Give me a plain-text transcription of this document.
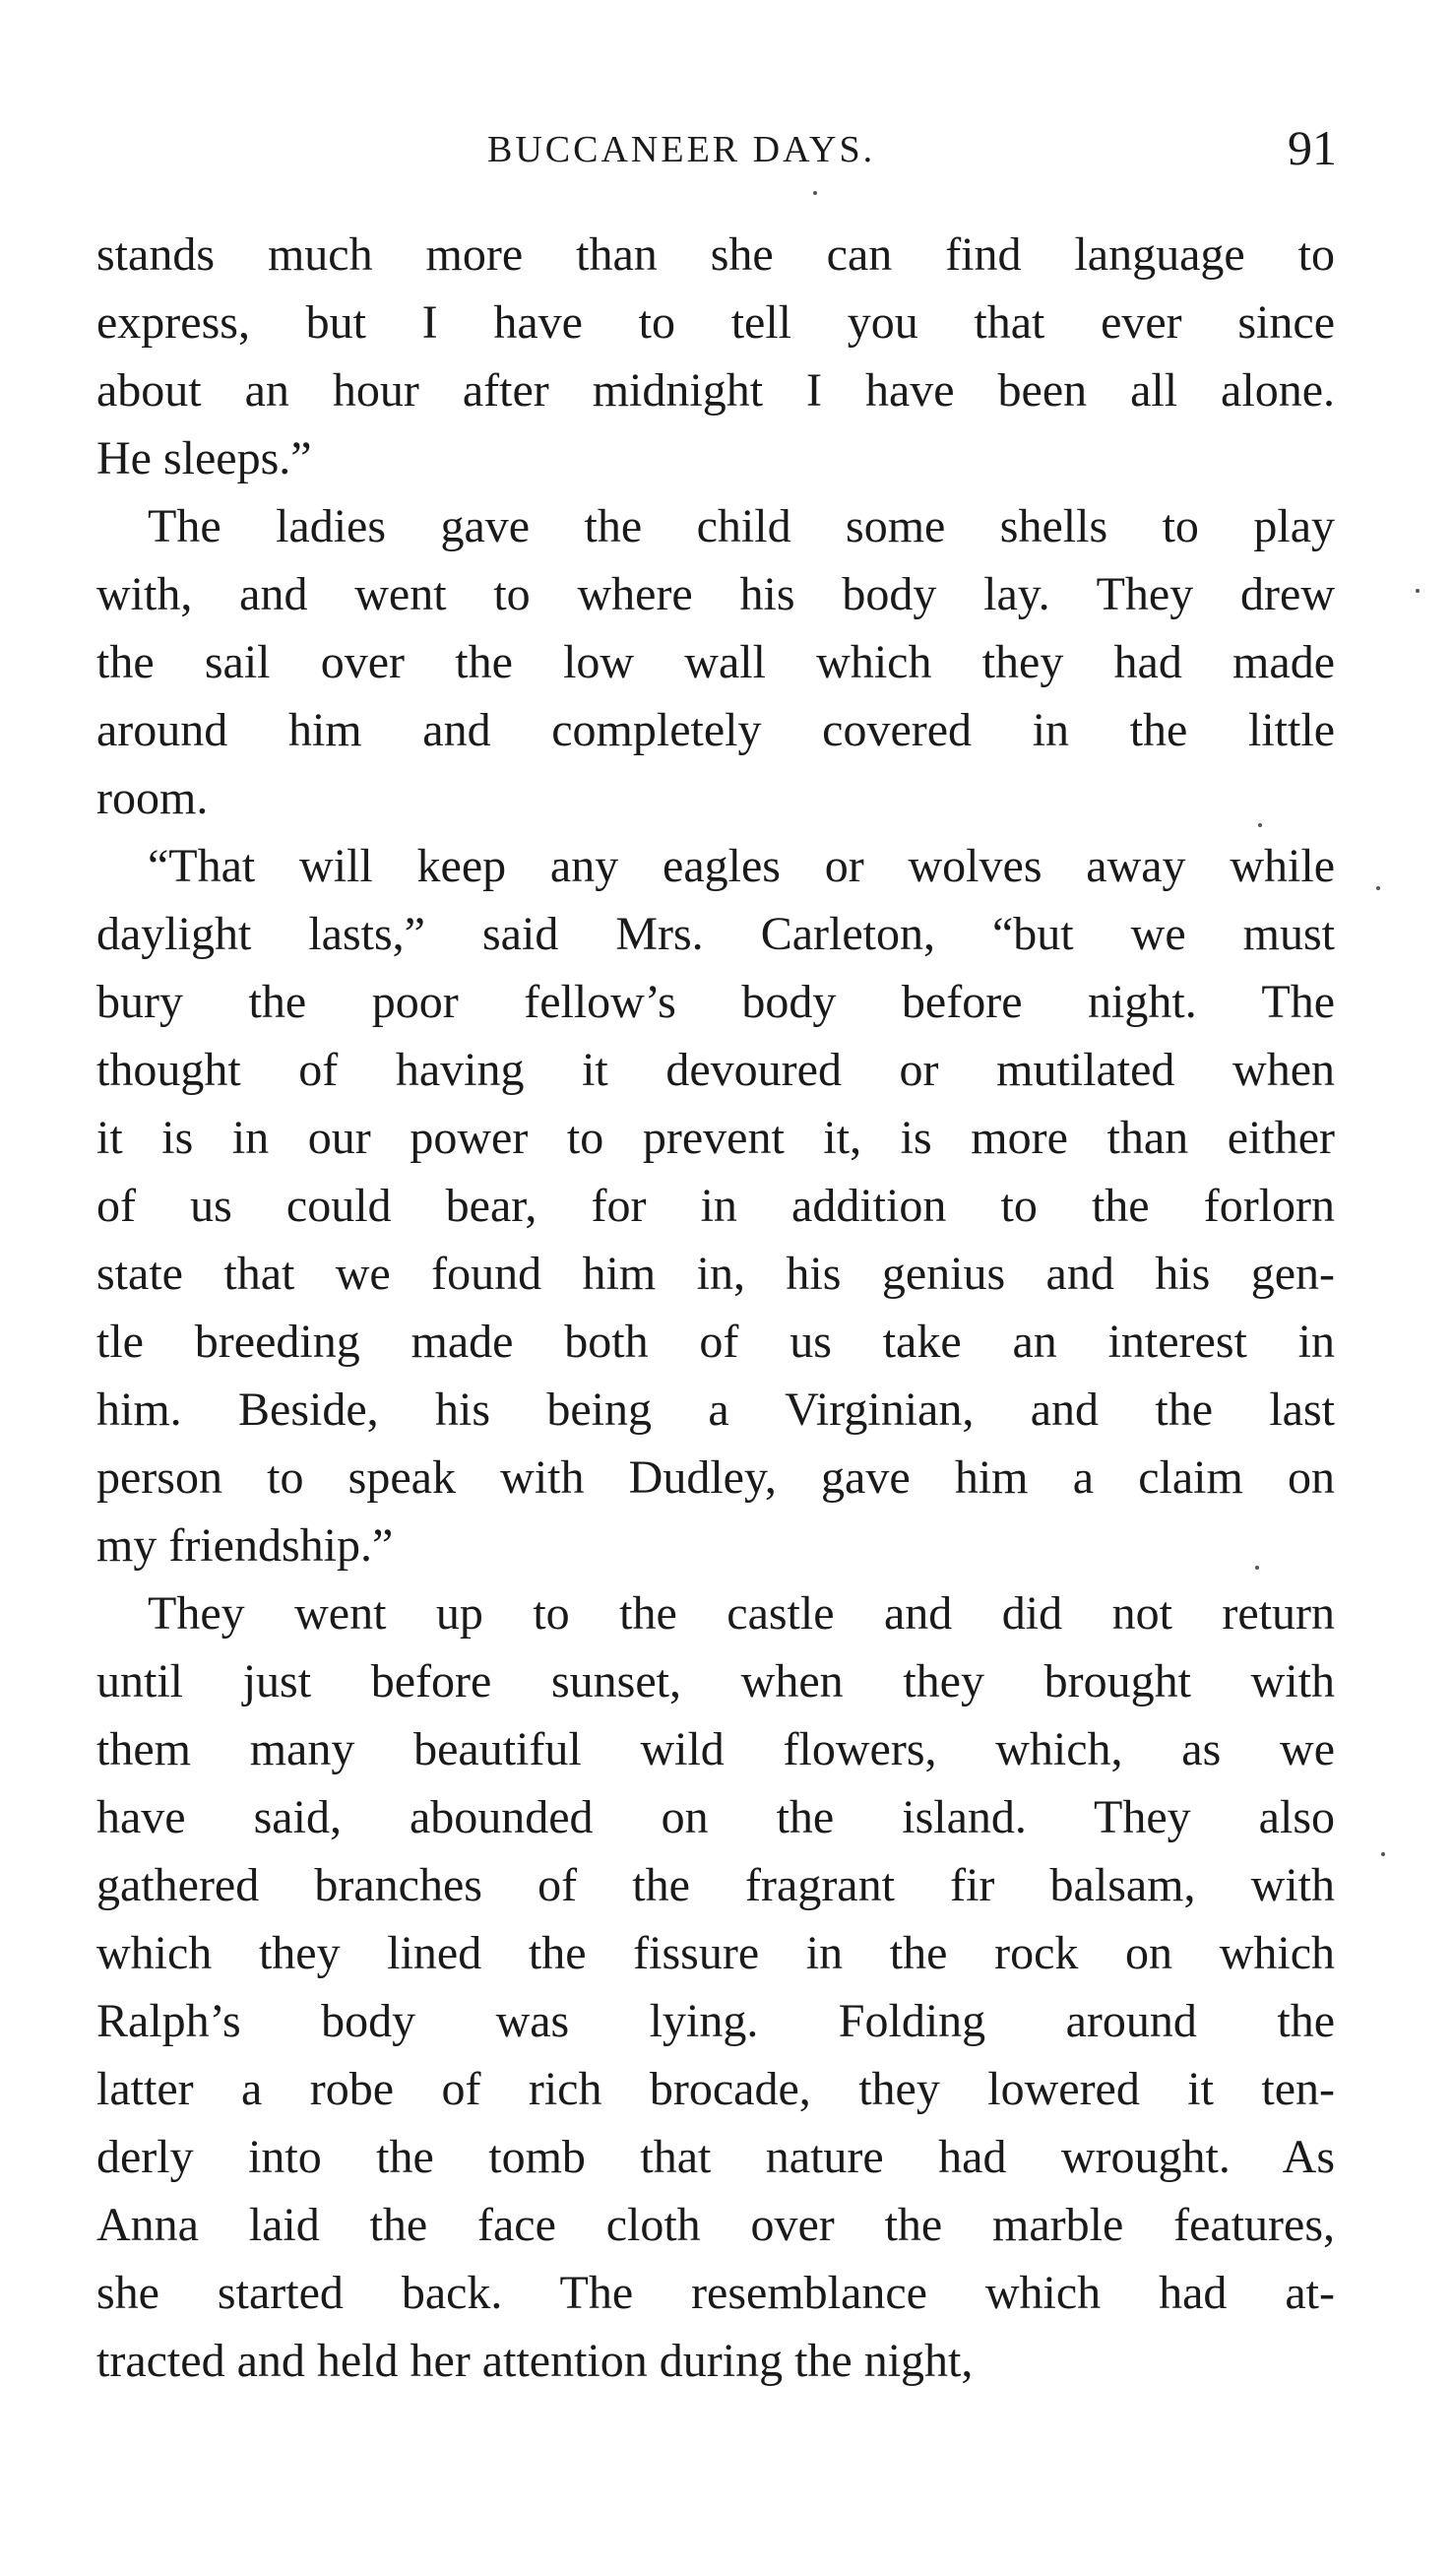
BUCCANEER DAYS.	91
stands much more than she can find language to
express, but I have to tell you that ever since
about an hour after midnight I have been all alone.
He sleeps.”
The ladies gave the child some shells to play
with, and went to where his body lay. They drew
the sail over the low wall which they had made
around him and completely covered in the little
room.
“That will keep any eagles or wolves away while
daylight lasts,” said Mrs. Carleton, “but we must
bury the poor fellow’s body before night. The
thought of having it devoured or mutilated when
it is in our power to prevent it, is more than either
of us could bear, for in addition to the forlorn
state that we found him in, his genius and his gen-
tle breeding made both of us take an interest in
him. Beside, his being a Virginian, and the last
person to speak with Dudley, gave him a claim on
my friendship.”
They went up to the castle and did not return
until just before sunset, when they brought with
them many beautiful wild flowers, which, as we
have said, abounded on the island. They also
gathered branches of the fragrant fir balsam, with
which they lined the fissure in the rock on which
Ralph’s body was lying. Folding around the
latter a robe of rich brocade, they lowered it ten-
derly into the tomb that nature had wrought. As
Anna laid the face cloth over the marble features,
she started back. The resemblance which had at-
tracted and held her attention during the night,
